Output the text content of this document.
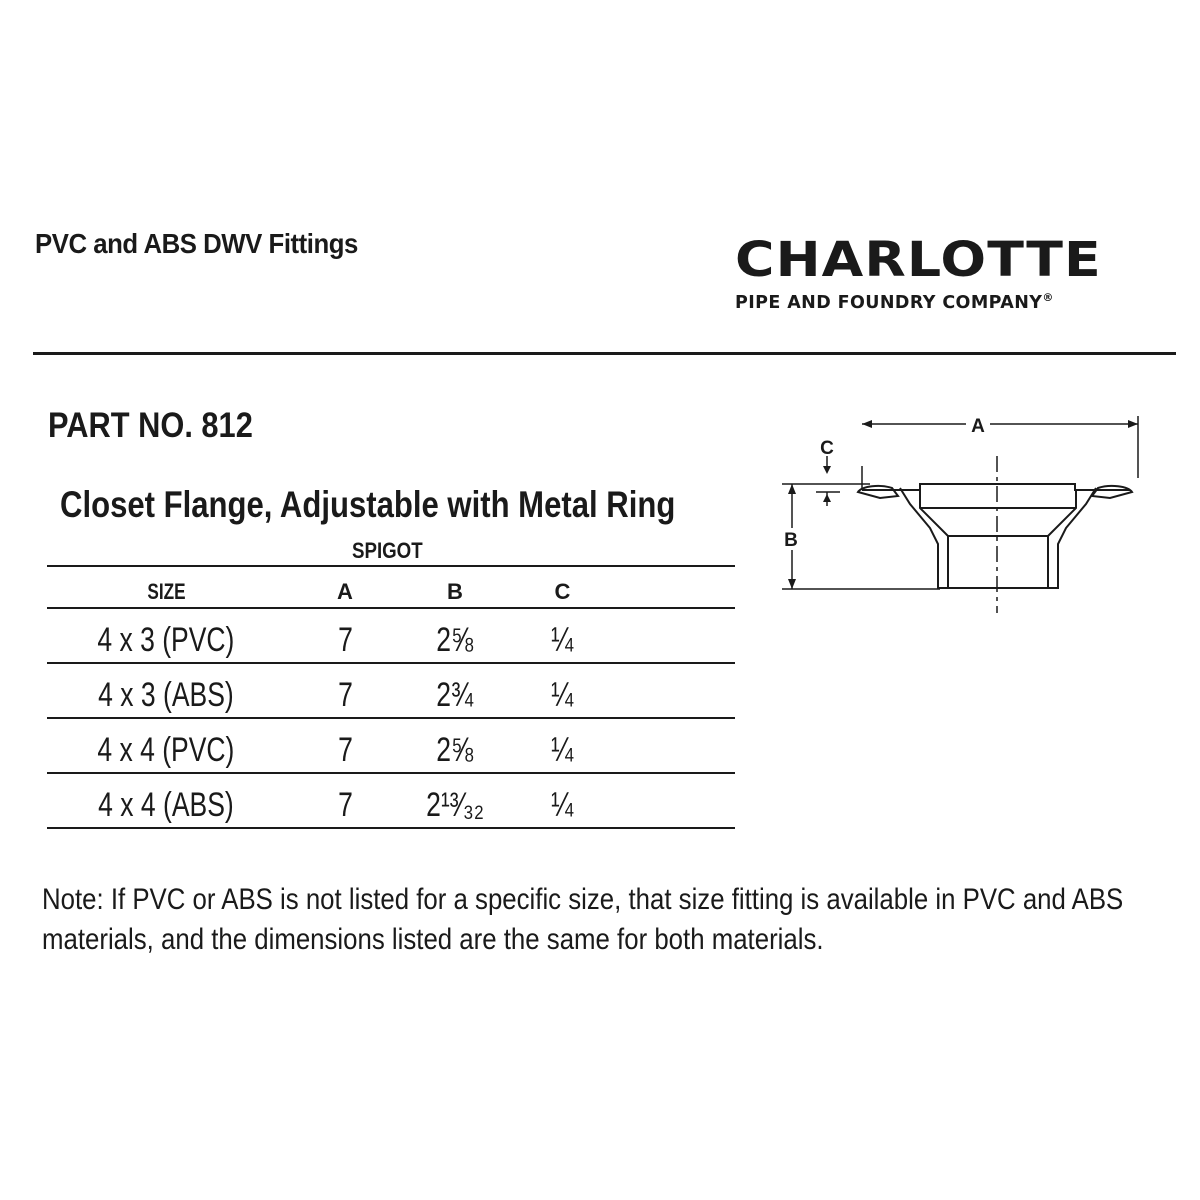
PVC and ABS DWV Fittings	CHARLOTTE
PIPE AND FOUNDRY COMPANY®
PART NO. 812
Closet Flange, Adjustable with Metal Ring
SPIGOT
SIZE	A	B	C	
4 x 3 (PVC)	7	2⅝	¼	
4 x 3 (ABS)	7	2¾	¼	
4 x 4 (PVC)	7	2⅝	¼	
4 x 4 (ABS)	7	2¹³⁄₃₂	¼	
A
B
C
Note: If PVC or ABS is not listed for a specific size, that size fitting is available in PVC and ABS materials, and the dimensions listed are the same for both materials.
